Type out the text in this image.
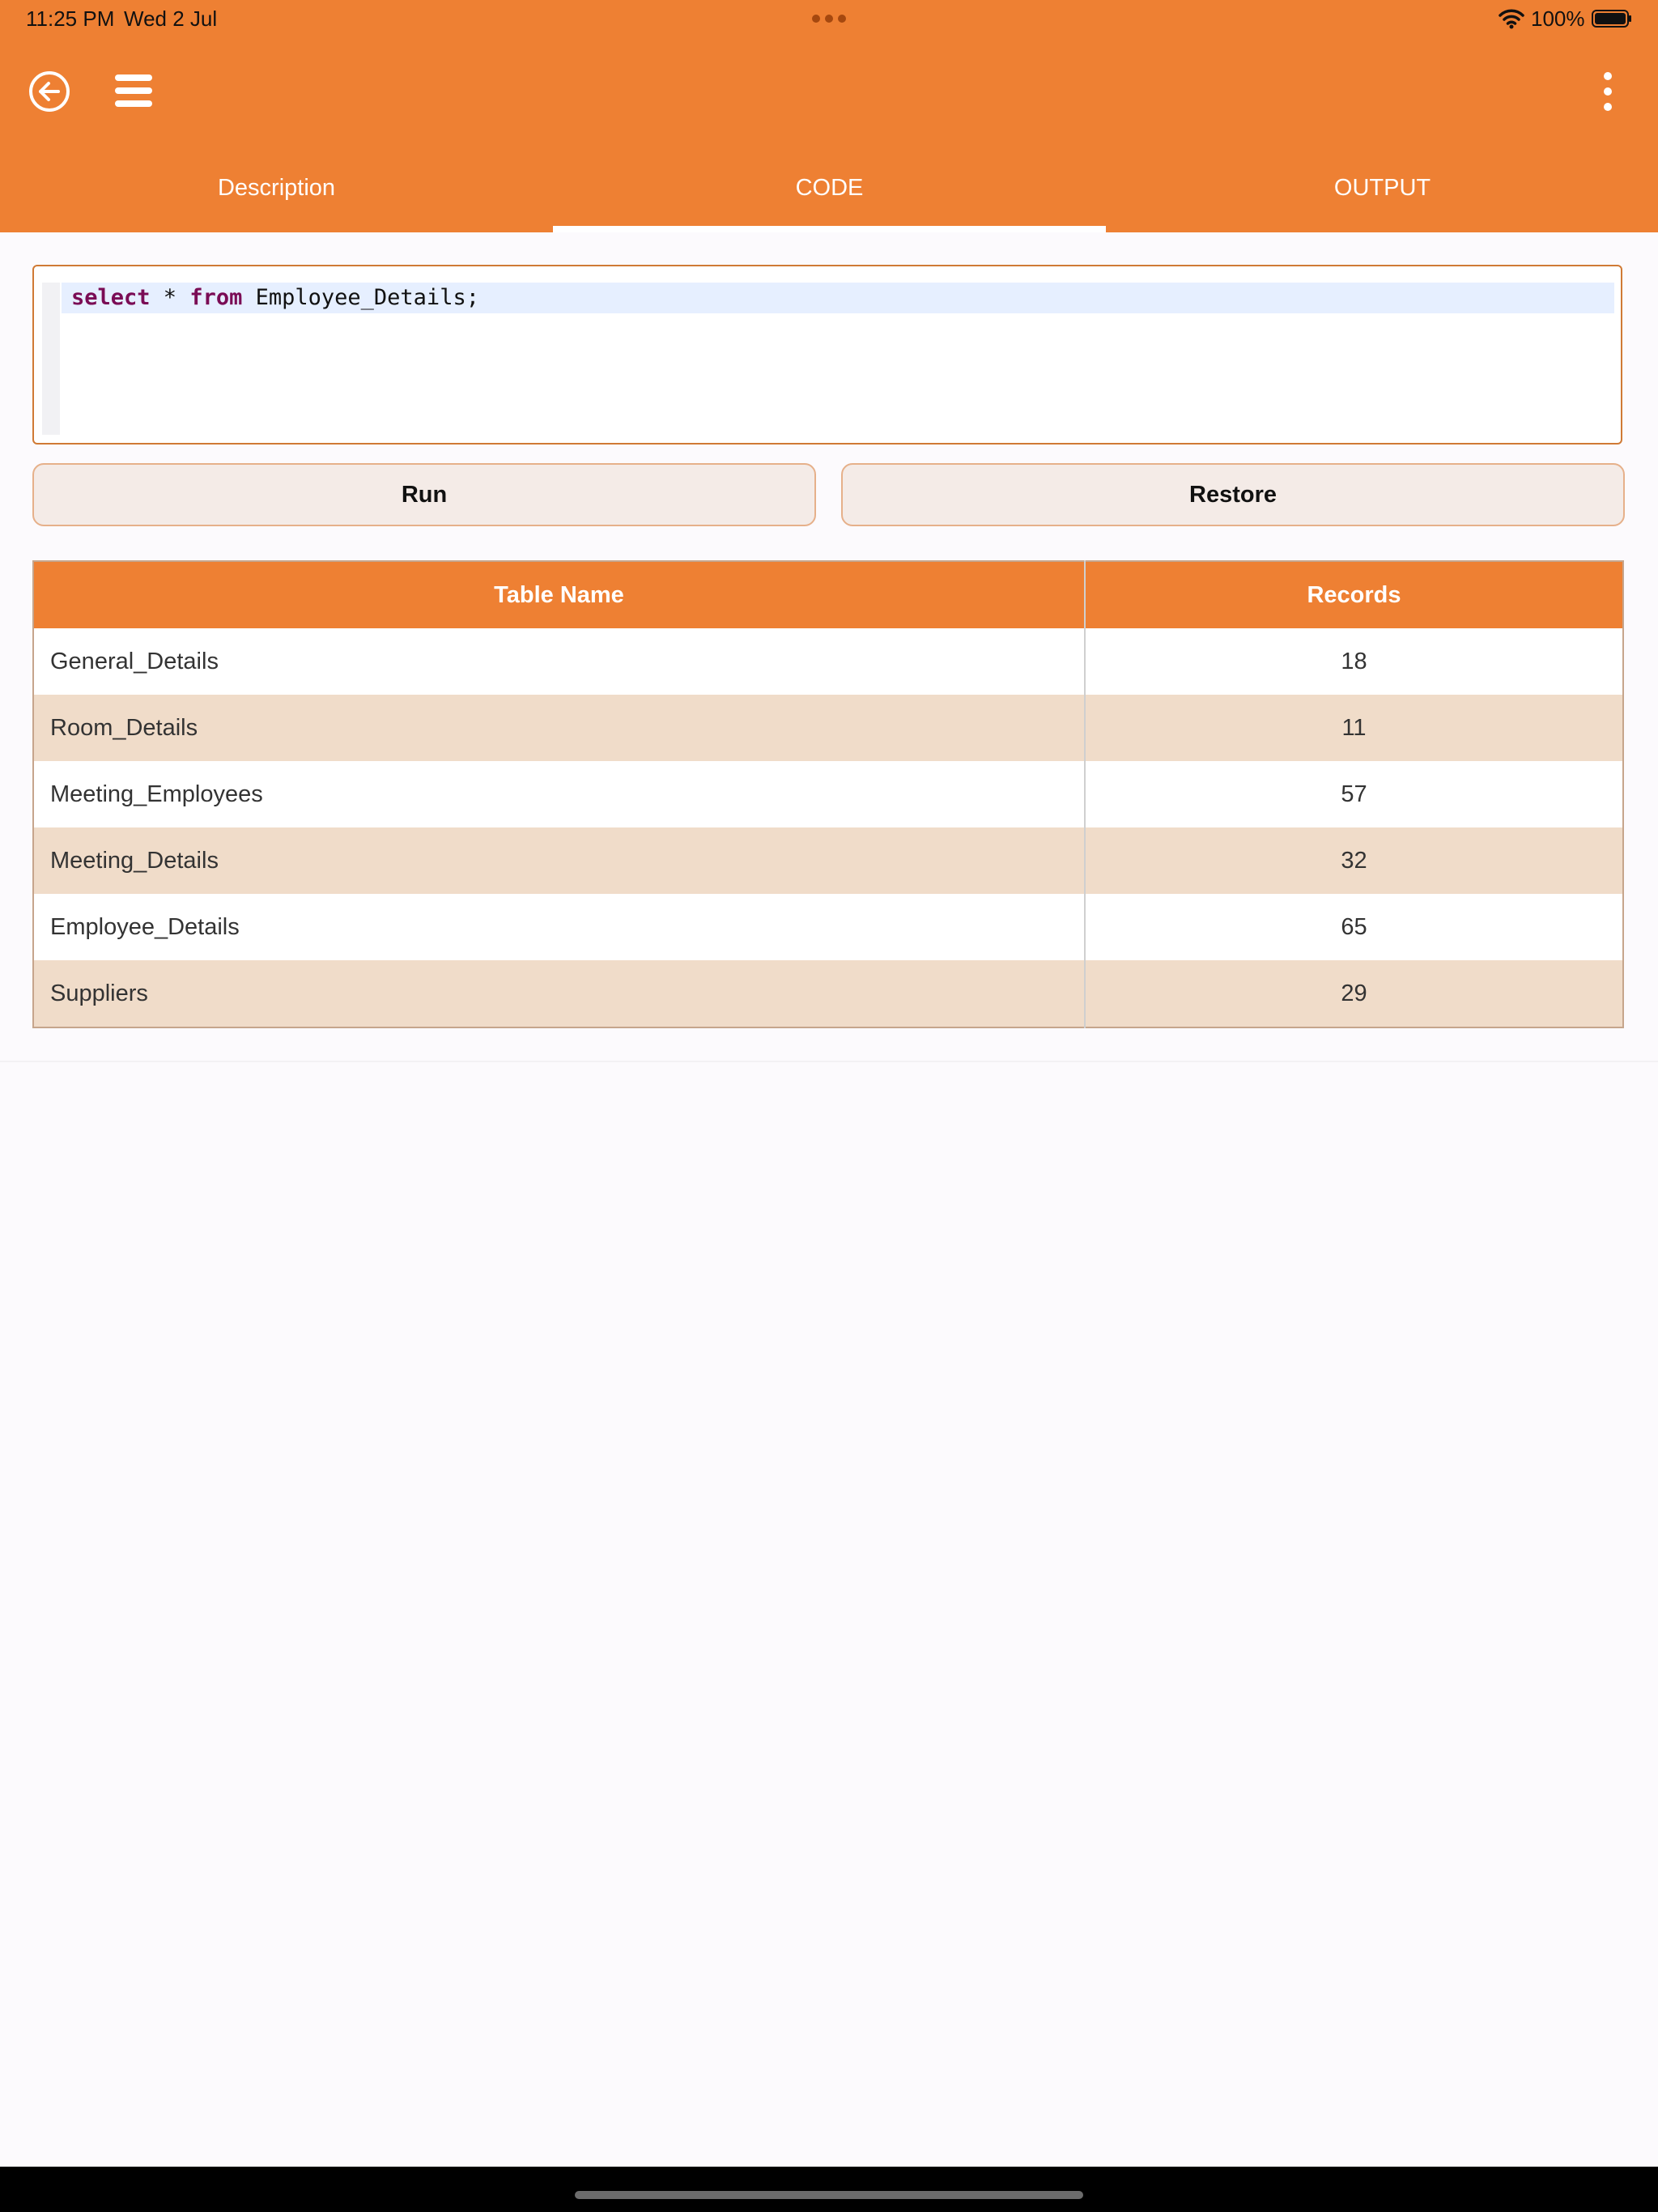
11:25 PM Wed 2 Jul	100%
Description	CODE	OUTPUT
select * from Employee_Details;
Run	Restore
Table Name	Records
General_Details	18
Room_Details	11
Meeting_Employees	57
Meeting_Details	32
Employee_Details	65
Suppliers	29
